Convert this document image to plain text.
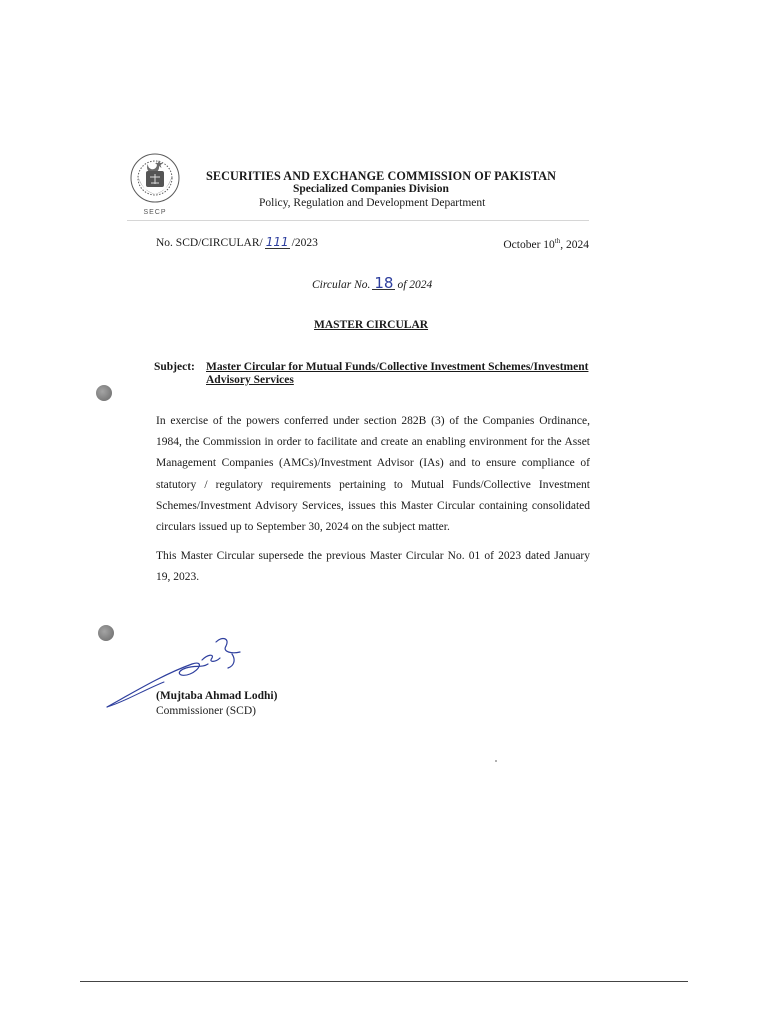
SECP
SECURITIES AND EXCHANGE COMMISSION OF PAKISTAN
Specialized Companies Division
Policy, Regulation and Development Department
No. SCD/CIRCULAR/ 111 /2023	October 10th, 2024
Circular No. 18 of 2024
MASTER CIRCULAR
Subject: Master Circular for Mutual Funds/Collective Investment Schemes/Investment Advisory Services
In exercise of the powers conferred under section 282B (3) of the Companies Ordinance, 1984, the Commission in order to facilitate and create an enabling environment for the Asset Management Companies (AMCs)/Investment Advisor (IAs) and to ensure compliance of statutory / regulatory requirements pertaining to Mutual Funds/Collective Investment Schemes/Investment Advisory Services, issues this Master Circular containing consolidated circulars issued up to September 30, 2024 on the subject matter.
This Master Circular supersede the previous Master Circular No. 01 of 2023 dated January 19, 2023.
(Mujtaba Ahmad Lodhi)
Commissioner (SCD)
